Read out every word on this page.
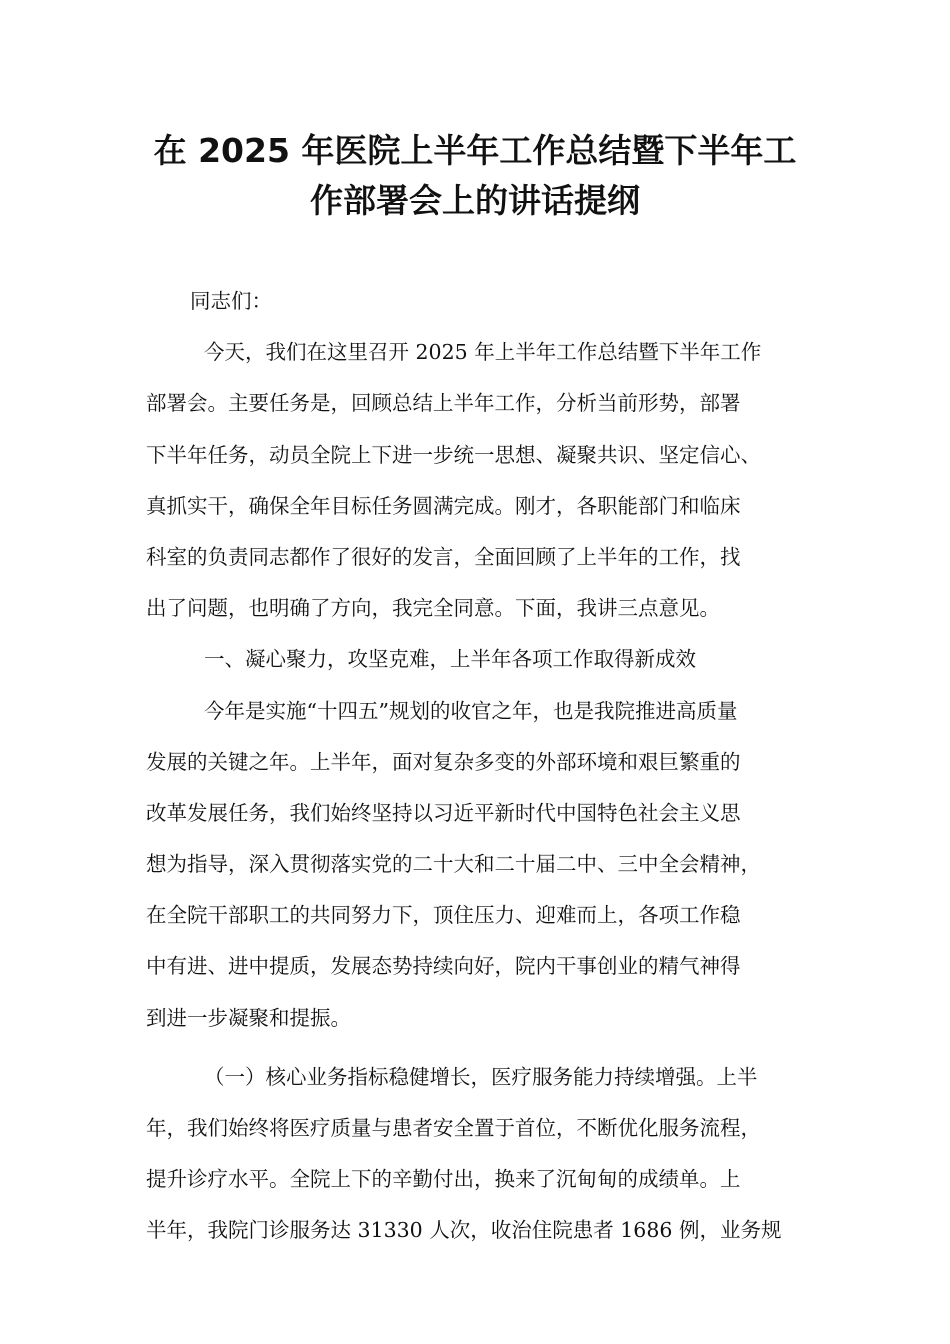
在 2025 年医院上半年工作总结暨下半年工
作部署会上的讲话提纲
同志们：
今天，我们在这里召开 2025 年上半年工作总结暨下半年工作
部署会。主要任务是，回顾总结上半年工作，分析当前形势，部署
下半年任务，动员全院上下进一步统一思想、凝聚共识、坚定信心、
真抓实干，确保全年目标任务圆满完成。刚才，各职能部门和临床
科室的负责同志都作了很好的发言，全面回顾了上半年的工作，找
出了问题，也明确了方向，我完全同意。下面，我讲三点意见。
一、凝心聚力，攻坚克难，上半年各项工作取得新成效
今年是实施“十四五”规划的收官之年，也是我院推进高质量
发展的关键之年。上半年，面对复杂多变的外部环境和艰巨繁重的
改革发展任务，我们始终坚持以习近平新时代中国特色社会主义思
想为指导，深入贯彻落实党的二十大和二十届二中、三中全会精神，
在全院干部职工的共同努力下，顶住压力、迎难而上，各项工作稳
中有进、进中提质，发展态势持续向好，院内干事创业的精气神得
到进一步凝聚和提振。
（一）核心业务指标稳健增长，医疗服务能力持续增强。上半
年，我们始终将医疗质量与患者安全置于首位，不断优化服务流程，
提升诊疗水平。全院上下的辛勤付出，换来了沉甸甸的成绩单。上
半年，我院门诊服务达 31330 人次，收治住院患者 1686 例，业务规
